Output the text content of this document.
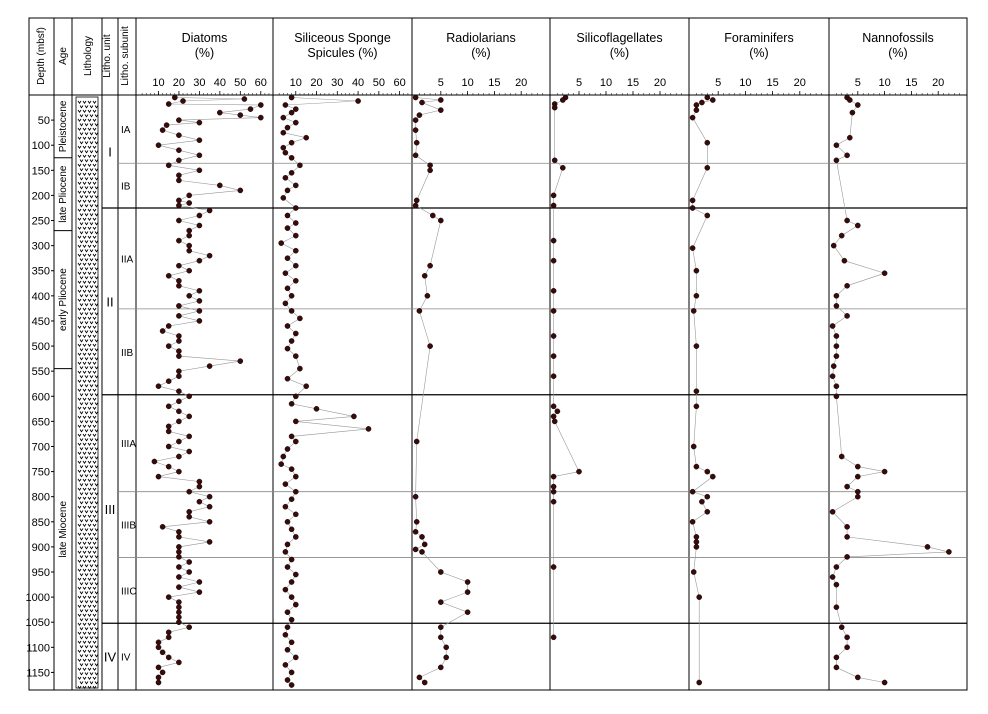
Depth (mbsf) Age Lithology Litho. unit Litho. subunit
50
100
150
200
250
300
350
400
450
500
550
600
650
700
750
800
850
900
950
1000
1050
1100
1150
Pleistocene
late Pliocene
early Pliocene
late Miocene
I
II
III
IV
IA
IB
IIA
IIB
IIIA
IIIB
IIIC
IV
Diatoms
(%)
10 20 30 40 50 60
Siliceous Sponge
Spicules (%)
10 20 30 40 50 60
Radiolarians
(%)
5 10 15 20
Silicoflagellates
(%)
5 10 15 20
Foraminifers
(%)
5 10 15 20
Nannofossils
(%)
5 10 15 20
